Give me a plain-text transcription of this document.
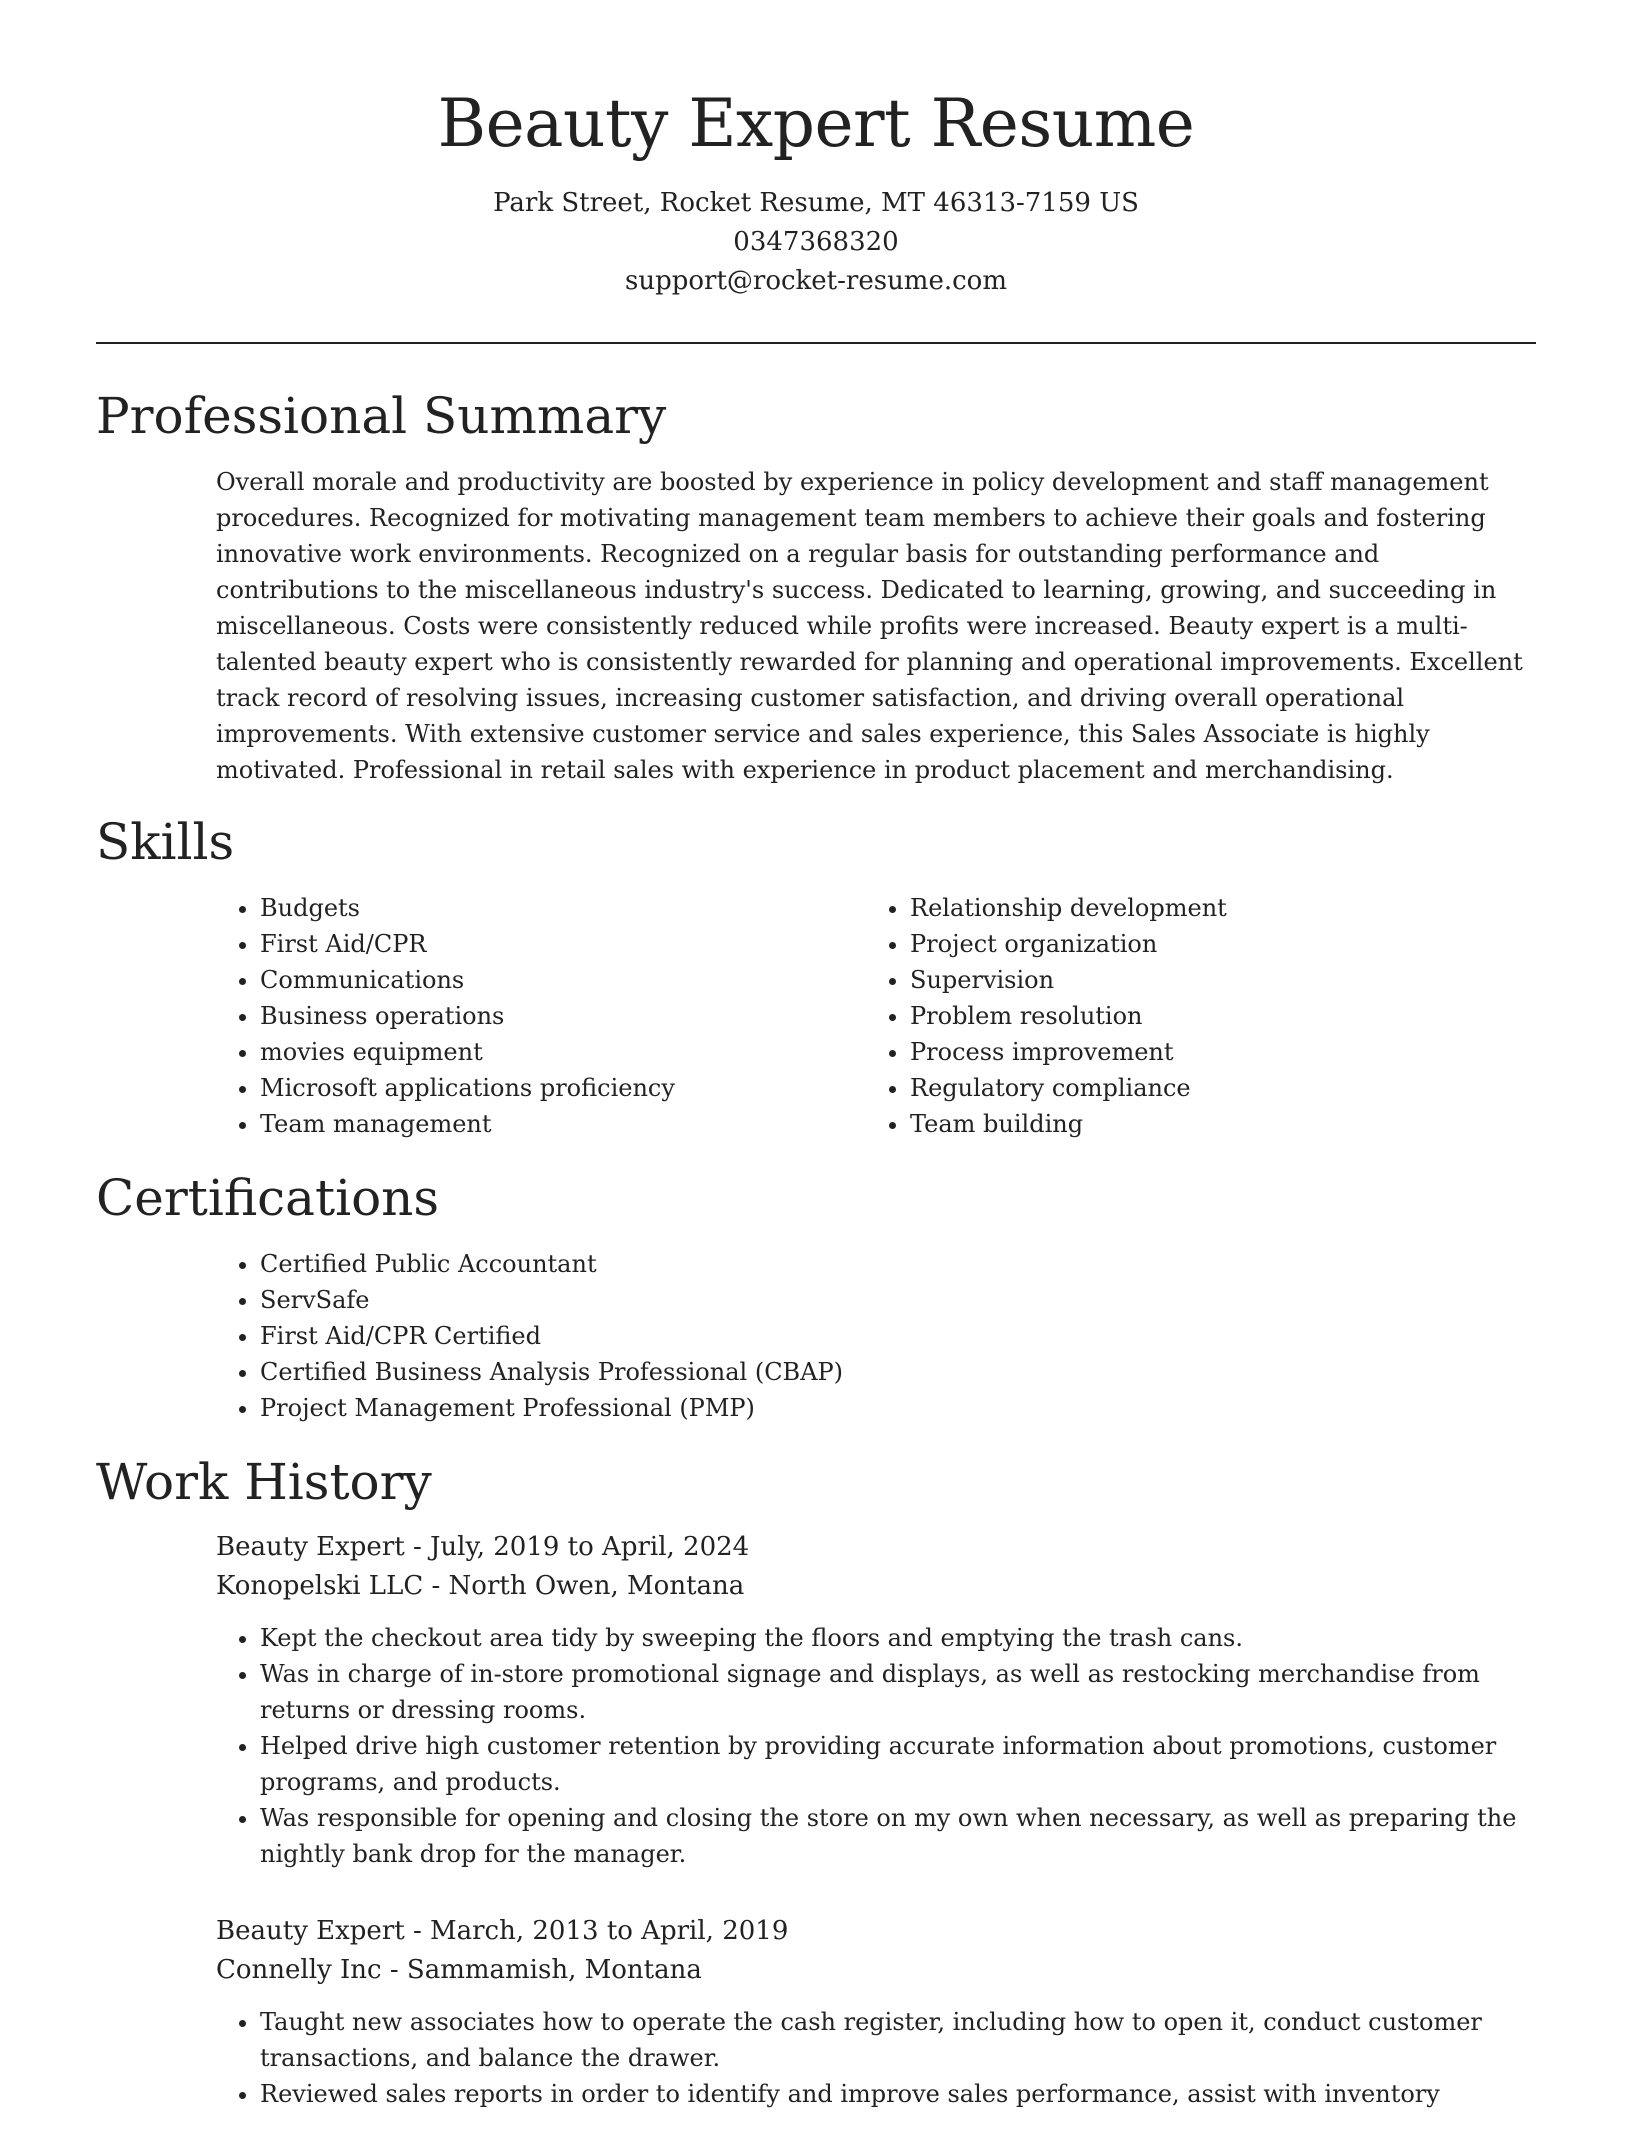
Beauty Expert Resume
Park Street, Rocket Resume, MT 46313-7159 US
0347368320
support@rocket-resume.com
Professional Summary

Overall morale and productivity are boosted by experience in policy development and staff management procedures. Recognized for motivating management team members to achieve their goals and fostering innovative work environments. Recognized on a regular basis for outstanding performance and contributions to the miscellaneous industry's success. Dedicated to learning, growing, and succeeding in miscellaneous. Costs were consistently reduced while profits were increased. Beauty expert is a multi-talented beauty expert who is consistently rewarded for planning and operational improvements. Excellent track record of resolving issues, increasing customer satisfaction, and driving overall operational improvements. With extensive customer service and sales experience, this Sales Associate is highly motivated. Professional in retail sales with experience in product placement and merchandising.

Skills
• Budgets
• First Aid/CPR
• Communications
• Business operations
• movies equipment
• Microsoft applications proficiency
• Team management
• Relationship development
• Project organization
• Supervision
• Problem resolution
• Process improvement
• Regulatory compliance
• Team building
Certifications
• Certified Public Accountant
• ServSafe
• First Aid/CPR Certified
• Certified Business Analysis Professional (CBAP)
• Project Management Professional (PMP)
Work History
Beauty Expert - July, 2019 to April, 2024
Konopelski LLC - North Owen, Montana
• Kept the checkout area tidy by sweeping the floors and emptying the trash cans.
• Was in charge of in-store promotional signage and displays, as well as restocking merchandise from returns or dressing rooms.
• Helped drive high customer retention by providing accurate information about promotions, customer programs, and products.
• Was responsible for opening and closing the store on my own when necessary, as well as preparing the nightly bank drop for the manager.
Beauty Expert - March, 2013 to April, 2019
Connelly Inc - Sammamish, Montana
• Taught new associates how to operate the cash register, including how to open it, conduct customer transactions, and balance the drawer.
• Reviewed sales reports in order to identify and improve sales performance, assist with inventory
